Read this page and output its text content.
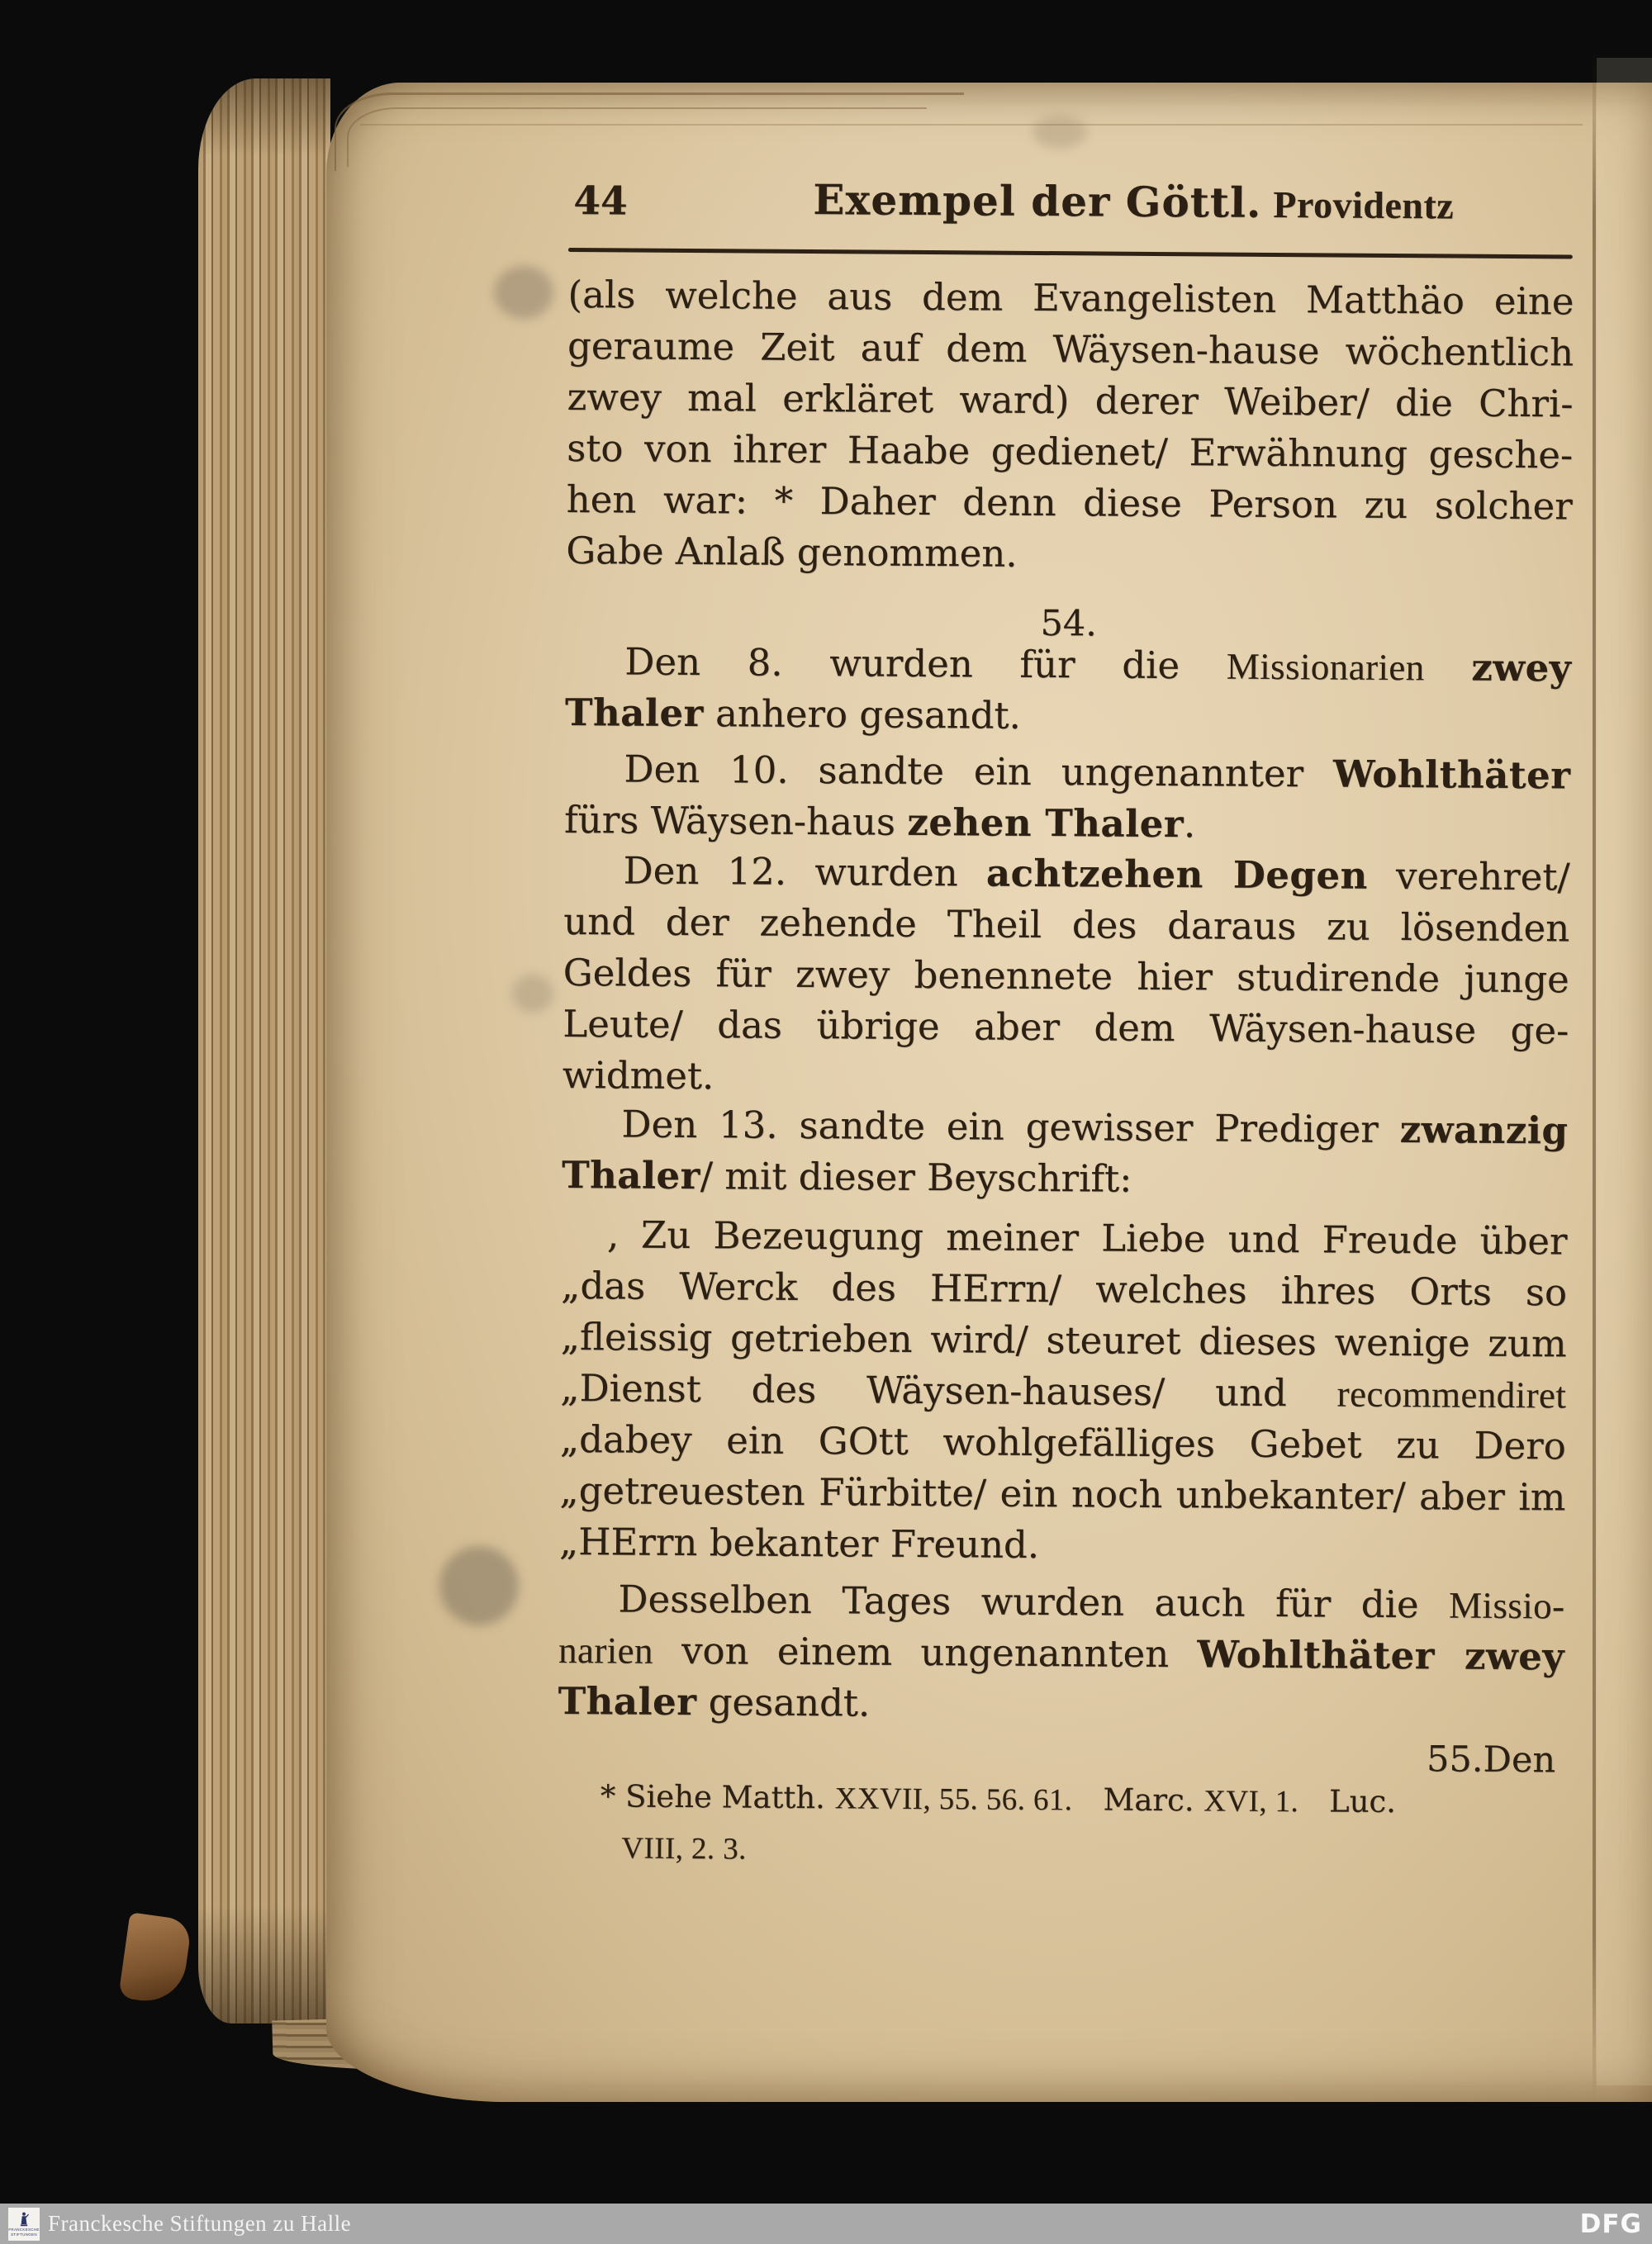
44	Exempel der Göttl. Providentz
(als welche aus dem Evangelisten Matthäo eine
geraume Zeit auf dem Wäysen-hause wöchentlich
zwey mal erkläret ward) derer Weiber/ die Chri-
sto von ihrer Haabe gedienet/ Erwähnung gesche-
hen war: * Daher denn diese Person zu solcher
Gabe Anlaß genommen.
54.
Den 8. wurden für die Missionarien zwey
Thaler anhero gesandt.
Den 10. sandte ein ungenannter Wohlthäter
fürs Wäysen-haus zehen Thaler.
Den 12. wurden achtzehen Degen verehret/
und der zehende Theil des daraus zu lösenden
Geldes für zwey benennete hier studirende junge
Leute/ das übrige aber dem Wäysen-hause ge-
widmet.
Den 13. sandte ein gewisser Prediger zwanzig
Thaler/ mit dieser Beyschrift:
‚ Zu Bezeugung meiner Liebe und Freude über
„das Werck des HErrn/ welches ihres Orts so
„fleissig getrieben wird/ steuret dieses wenige zum
„Dienst des Wäysen-hauses/ und recommendiret
„dabey ein GOtt wohlgefälliges Gebet zu Dero
„getreuesten Fürbitte/ ein noch unbekanter/ aber im
„HErrn bekanter Freund.
Desselben Tages wurden auch für die Missio-
narien von einem ungenannten Wohlthäter zwey
Thaler gesandt.
55.Den
* Siehe Matth. XXVII, 55. 56. 61. Marc. XVI, 1. Luc.
VIII, 2. 3.
FRANCKESCHE
STIFTUNGEN Franckesche Stiftungen zu Halle	DFG
